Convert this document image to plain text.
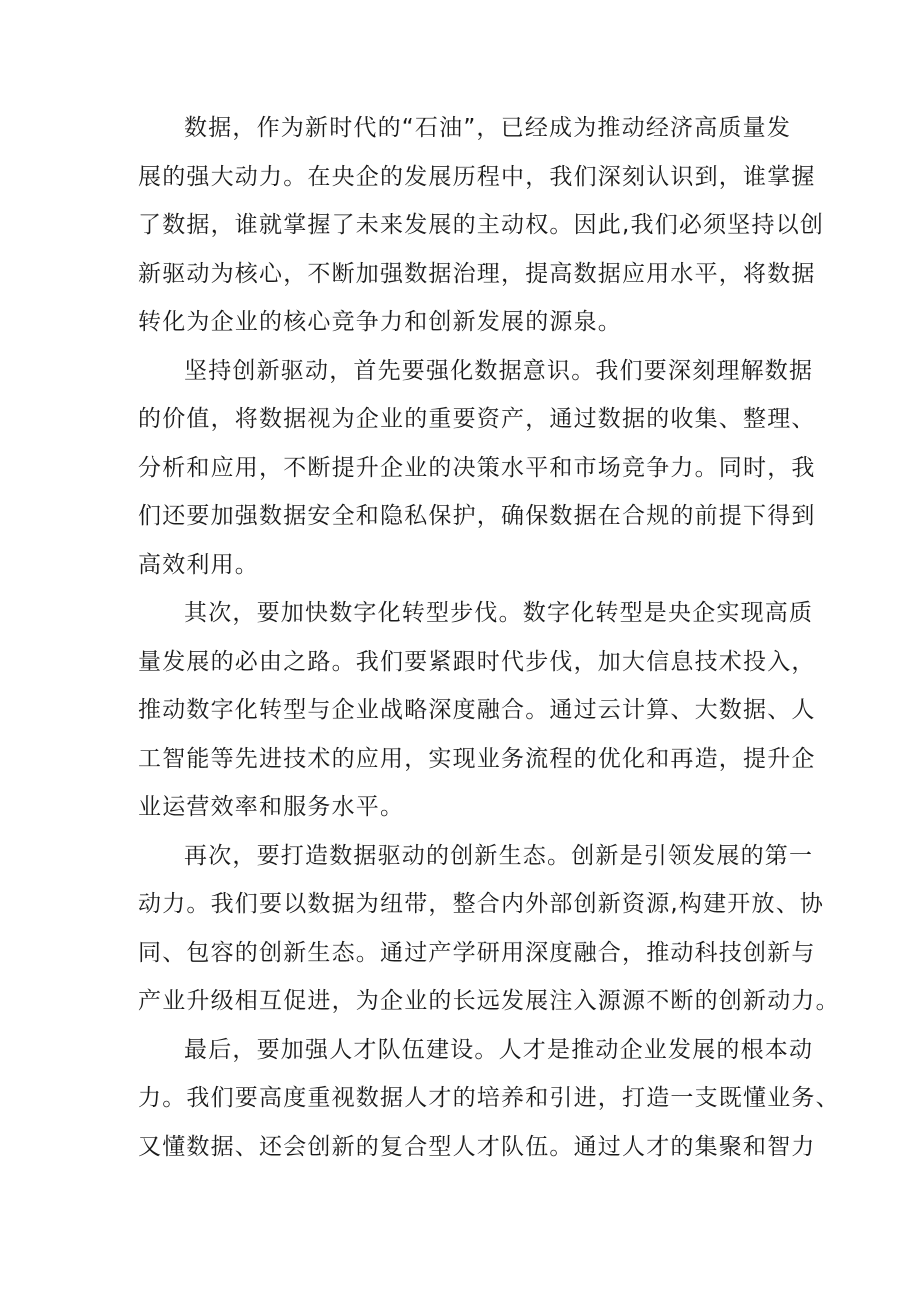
数据，作为新时代的“石油”，已经成为推动经济高质量发
展的强大动力。在央企的发展历程中，我们深刻认识到，谁掌握
了数据，谁就掌握了未来发展的主动权。因此,我们必须坚持以创
新驱动为核心，不断加强数据治理，提高数据应用水平，将数据
转化为企业的核心竞争力和创新发展的源泉。

坚持创新驱动，首先要强化数据意识。我们要深刻理解数据
的价值，将数据视为企业的重要资产，通过数据的收集、整理、
分析和应用，不断提升企业的决策水平和市场竞争力。同时，我
们还要加强数据安全和隐私保护，确保数据在合规的前提下得到
高效利用。

其次，要加快数字化转型步伐。数字化转型是央企实现高质
量发展的必由之路。我们要紧跟时代步伐，加大信息技术投入，
推动数字化转型与企业战略深度融合。通过云计算、大数据、人
工智能等先进技术的应用，实现业务流程的优化和再造，提升企
业运营效率和服务水平。

再次，要打造数据驱动的创新生态。创新是引领发展的第一
动力。我们要以数据为纽带，整合内外部创新资源,构建开放、协
同、包容的创新生态。通过产学研用深度融合，推动科技创新与
产业升级相互促进，为企业的长远发展注入源源不断的创新动力。

最后，要加强人才队伍建设。人才是推动企业发展的根本动
力。我们要高度重视数据人才的培养和引进，打造一支既懂业务、
又懂数据、还会创新的复合型人才队伍。通过人才的集聚和智力
